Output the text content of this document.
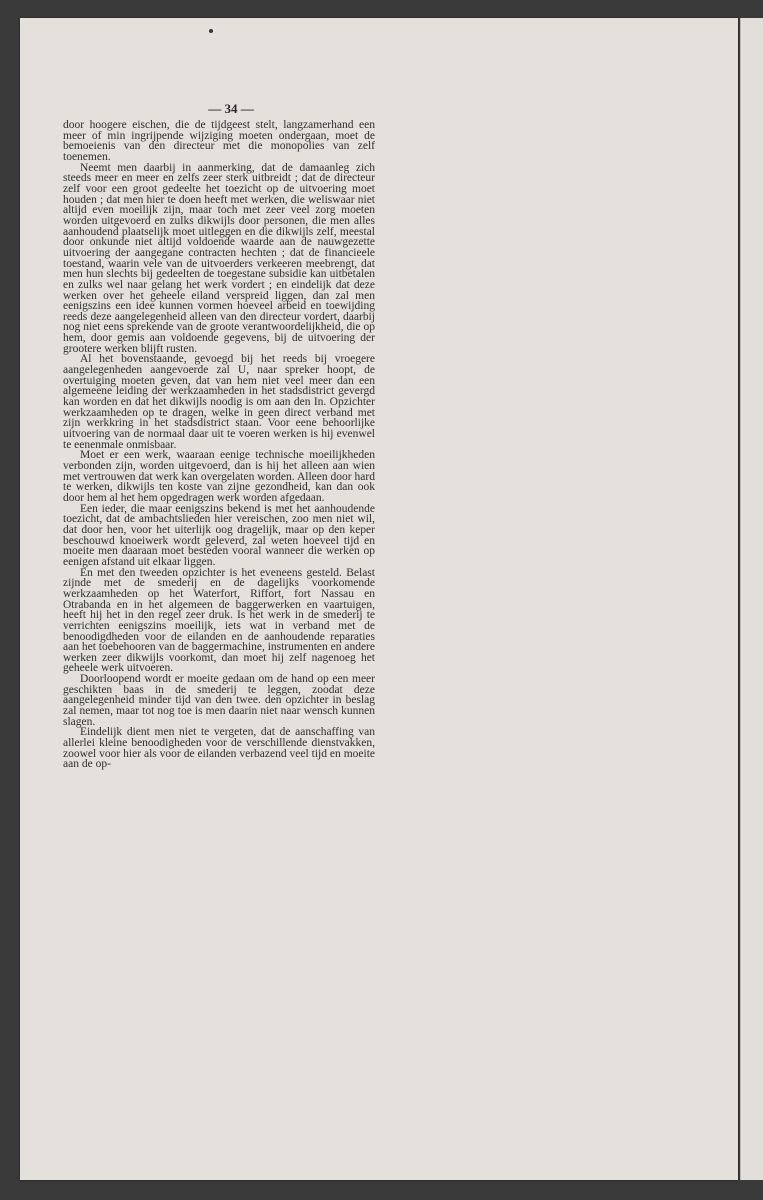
— 34 —

door hoogere eischen, die de tijdgeest stelt, langzamerhand een meer of min ingrijpende wijziging moeten ondergaan, moet de bemoeienis van den directeur met die monopolies van zelf toenemen.

Neemt men daarbij in aanmerking, dat de damaanleg zich steeds meer en meer en zelfs zeer sterk uitbreidt ; dat de directeur zelf voor een groot gedeelte het toezicht op de uitvoering moet houden ; dat men hier te doen heeft met werken, die weliswaar niet altijd even moeilijk zijn, maar toch met zeer veel zorg moeten worden uitgevoerd en zulks dikwijls door personen, die men alles aanhoudend plaatselijk moet uitleggen en die dikwijls zelf, meestal door onkunde niet altijd voldoende waarde aan de nauwgezette uitvoering der aangegane contracten hechten ; dat de financieele toestand, waarin vele van de uitvoerders verkeeren meebrengt, dat men hun slechts bij gedeelten de toegestane subsidie kan uitbetalen en zulks wel naar gelang het werk vordert ; en eindelijk dat deze werken over het geheele eiland verspreid liggen, dan zal men eenigszins een idee kunnen vormen hoeveel arbeid en toewijding reeds deze aangelegenheid alleen van den directeur vordert, daarbij nog niet eens sprekende van de groote verantwoordelijkheid, die op hem, door gemis aan voldoende gegevens, bij de uitvoering der grootere werken blijft rusten.

Al het bovenstaande, gevoegd bij het reeds bij vroegere aangelegenheden aangevoerde zal U, naar spreker hoopt, de overtuiging moeten geven, dat van hem niet veel meer dan een algemeene leiding der werkzaamheden in het stadsdistrict gevergd kan worden en dat het dikwijls noodig is om aan den In. Opzichter werkzaamheden op te dragen, welke in geen direct verband met zijn werkkring in het stadsdistrict staan. Voor eene behoorlijke uitvoering van de normaal daar uit te voeren werken is hij evenwel te eenenmale onmisbaar.

Moet er een werk, waaraan eenige technische moeilijkheden verbonden zijn, worden uitgevoerd, dan is hij het alleen aan wien met vertrouwen dat werk kan overgelaten worden. Alleen door hard te werken, dikwijls ten koste van zijne gezondheid, kan dan ook door hem al het hem opgedragen werk worden afgedaan.

Een ieder, die maar eenigszins bekend is met het aanhoudende toezicht, dat de ambachtslieden hier vereischen, zoo men niet wil, dat door hen, voor het uiterlijk oog dragelijk, maar op den keper beschouwd knoeiwerk wordt geleverd, zal weten hoeveel tijd en moeite men daaraan moet besteden vooral wanneer die werken op eenigen afstand uit elkaar liggen.

En met den tweeden opzichter is het eveneens gesteld. Belast zijnde met de smederij en de dagelijks voorkomende werkzaamheden op het Waterfort, Riffort, fort Nassau en Otrabanda en in het algemeen de baggerwerken en vaartuigen, heeft hij het in den regel zeer druk. Is het werk in de smederij te verrichten eenigszins moeilijk, iets wat in verband met de benoodigdheden voor de eilanden en de aanhoudende reparaties aan het toebehooren van de baggermachine, instrumenten en andere werken zeer dikwijls voorkomt, dan moet hij zelf nagenoeg het geheele werk uitvoeren.

Doorloopend wordt er moeite gedaan om de hand op een meer geschikten baas in de smederij te leggen, zoodat deze aangelegenheid minder tijd van den twee. den opzichter in beslag zal nemen, maar tot nog toe is men daarin niet naar wensch kunnen slagen.

Eindelijk dient men niet te vergeten, dat de aanschaffing van allerlei kleine benoodigheden voor de verschillende dienstvakken, zoowel voor hier als voor de eilanden verbazend veel tijd en moeite aan de op-
